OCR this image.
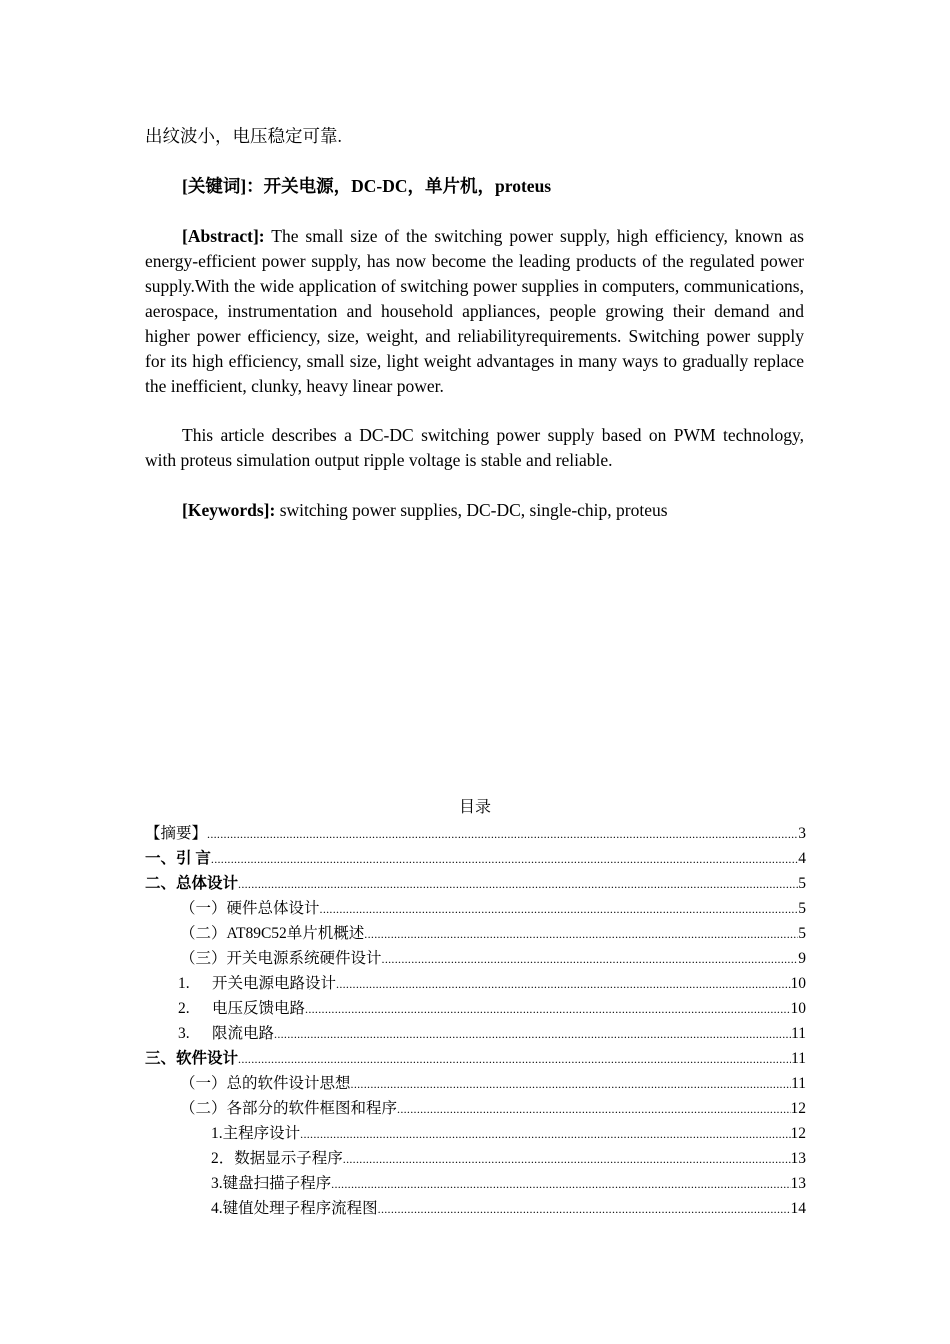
出纹波小，电压稳定可靠.

[关键词]：开关电源，DC-DC，单片机，proteus

[Abstract]: The small size of the switching power supply, high efficiency, known as energy-efficient power supply, has now become the leading products of the regulated power supply.With the wide application of switching power supplies in computers, communications, aerospace, instrumentation and household appliances, people growing their demand and higher power efficiency, size, weight, and reliabilityrequirements. Switching power supply for its high efficiency, small size, light weight advantages in many ways to gradually replace the inefficient, clunky, heavy linear power.

This article describes a DC-DC switching power supply based on PWM technology, with proteus simulation output ripple voltage is stable and reliable.

[Keywords]: switching power supplies, DC-DC, single-chip, proteus

目录

【摘要】 .....	3
一、引 言 .....	4
二、总体设计 .....	5
（一）硬件总体设计 .....	5
（二）AT89C52单片机概述 .....	5
（三）开关电源系统硬件设计 .....	9
1.	开关电源电路设计 .....	10
2.	电压反馈电路 .....	10
3.	限流电路 .....	11
三、软件设计 .....	11
（一）总的软件设计思想 .....	11
（二）各部分的软件框图和程序 .....	12
1.主程序设计 .....	12
2．数据显示子程序 .....	13
3.键盘扫描子程序 .....	13
4.键值处理子程序流程图 .....	14
